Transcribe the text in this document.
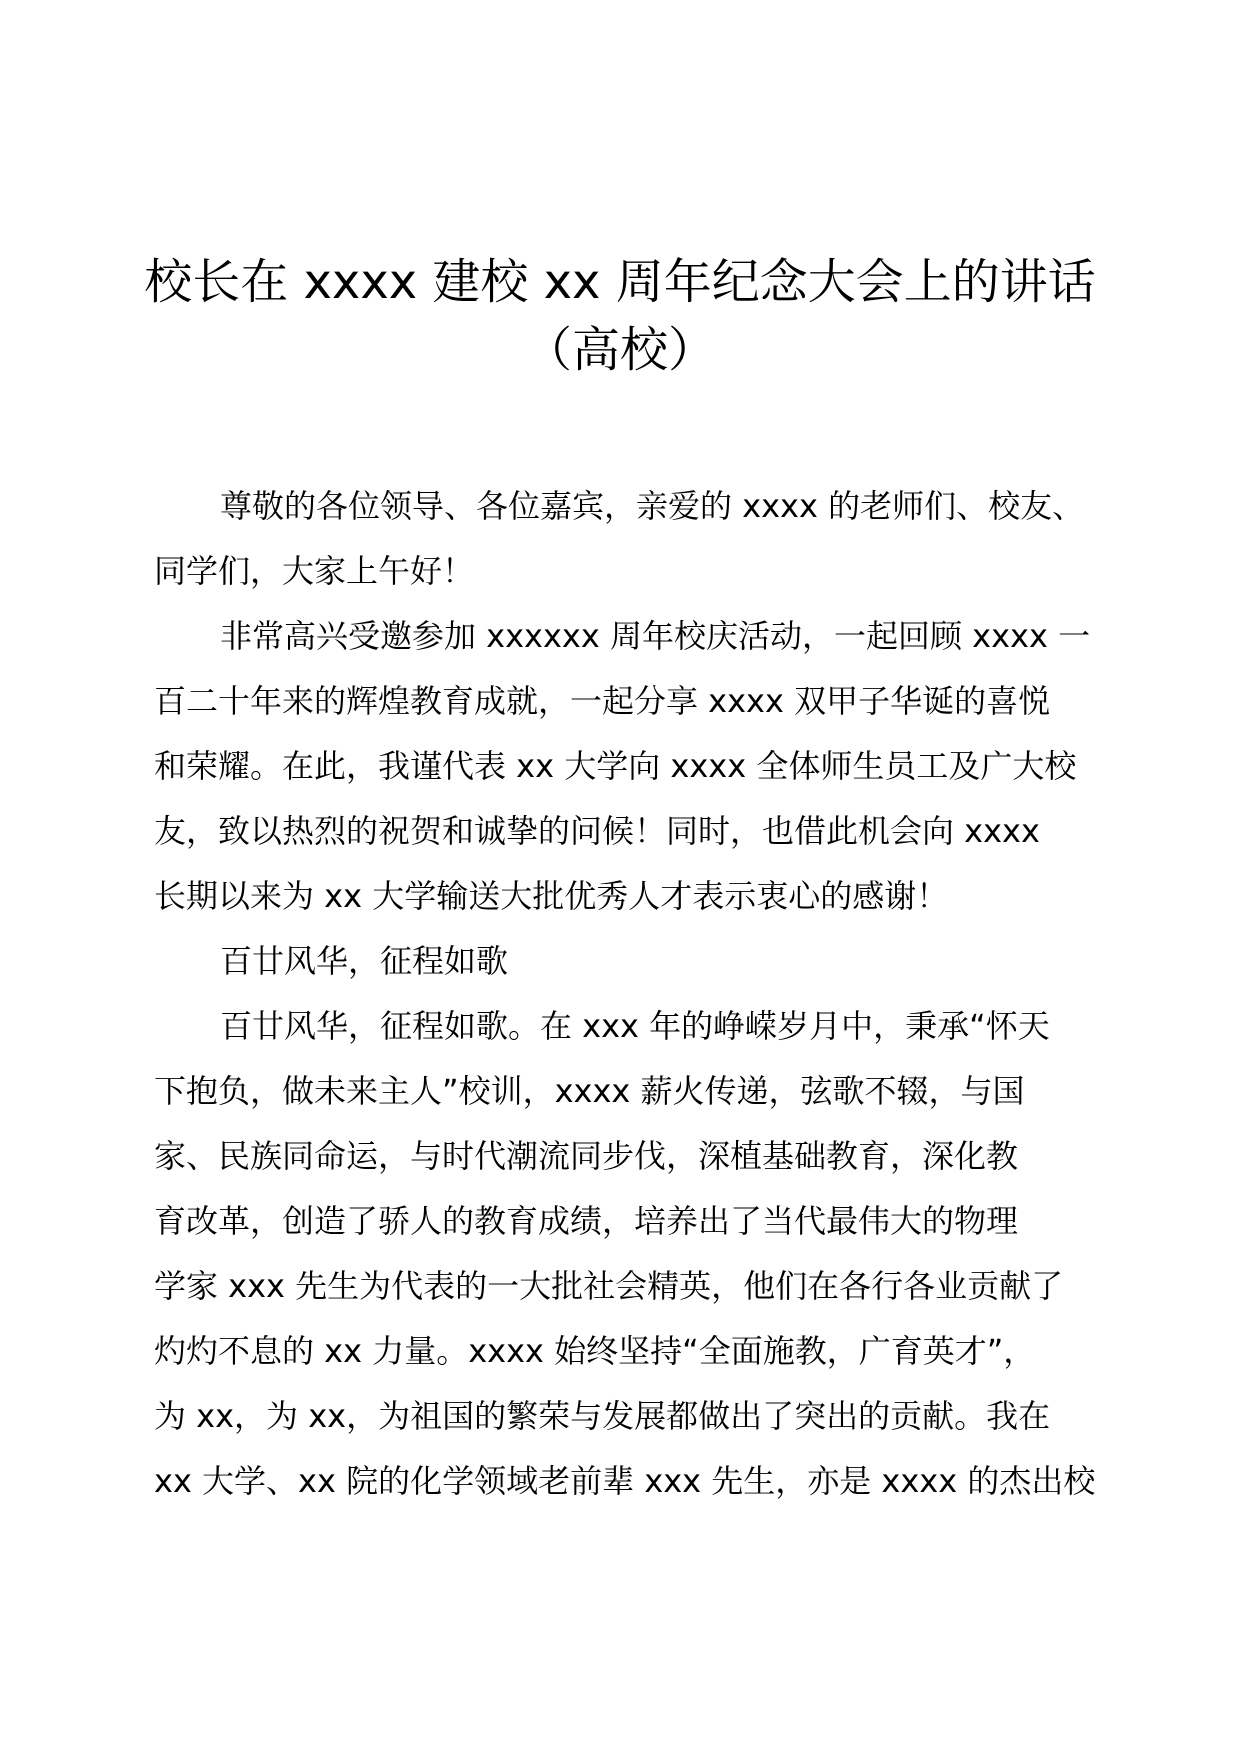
校长在 xxxx 建校 xx 周年纪念大会上的讲话
（高校）
尊敬的各位领导、各位嘉宾，亲爱的 xxxx 的老师们、校友、
同学们，大家上午好！
非常高兴受邀参加 xxxxxx 周年校庆活动，一起回顾 xxxx 一
百二十年来的辉煌教育成就，一起分享 xxxx 双甲子华诞的喜悦
和荣耀。在此，我谨代表 xx 大学向 xxxx 全体师生员工及广大校
友，致以热烈的祝贺和诚挚的问候！同时，也借此机会向 xxxx
长期以来为 xx 大学输送大批优秀人才表示衷心的感谢！
百廿风华，征程如歌
百廿风华，征程如歌。在 xxx 年的峥嵘岁月中，秉承“怀天
下抱负，做未来主人”校训，xxxx 薪火传递，弦歌不辍，与国
家、民族同命运，与时代潮流同步伐，深植基础教育，深化教
育改革，创造了骄人的教育成绩，培养出了当代最伟大的物理
学家 xxx 先生为代表的一大批社会精英，他们在各行各业贡献了
灼灼不息的 xx 力量。xxxx 始终坚持“全面施教，广育英才”，
为 xx，为 xx，为祖国的繁荣与发展都做出了突出的贡献。我在
xx 大学、xx 院的化学领域老前辈 xxx 先生，亦是 xxxx 的杰出校
